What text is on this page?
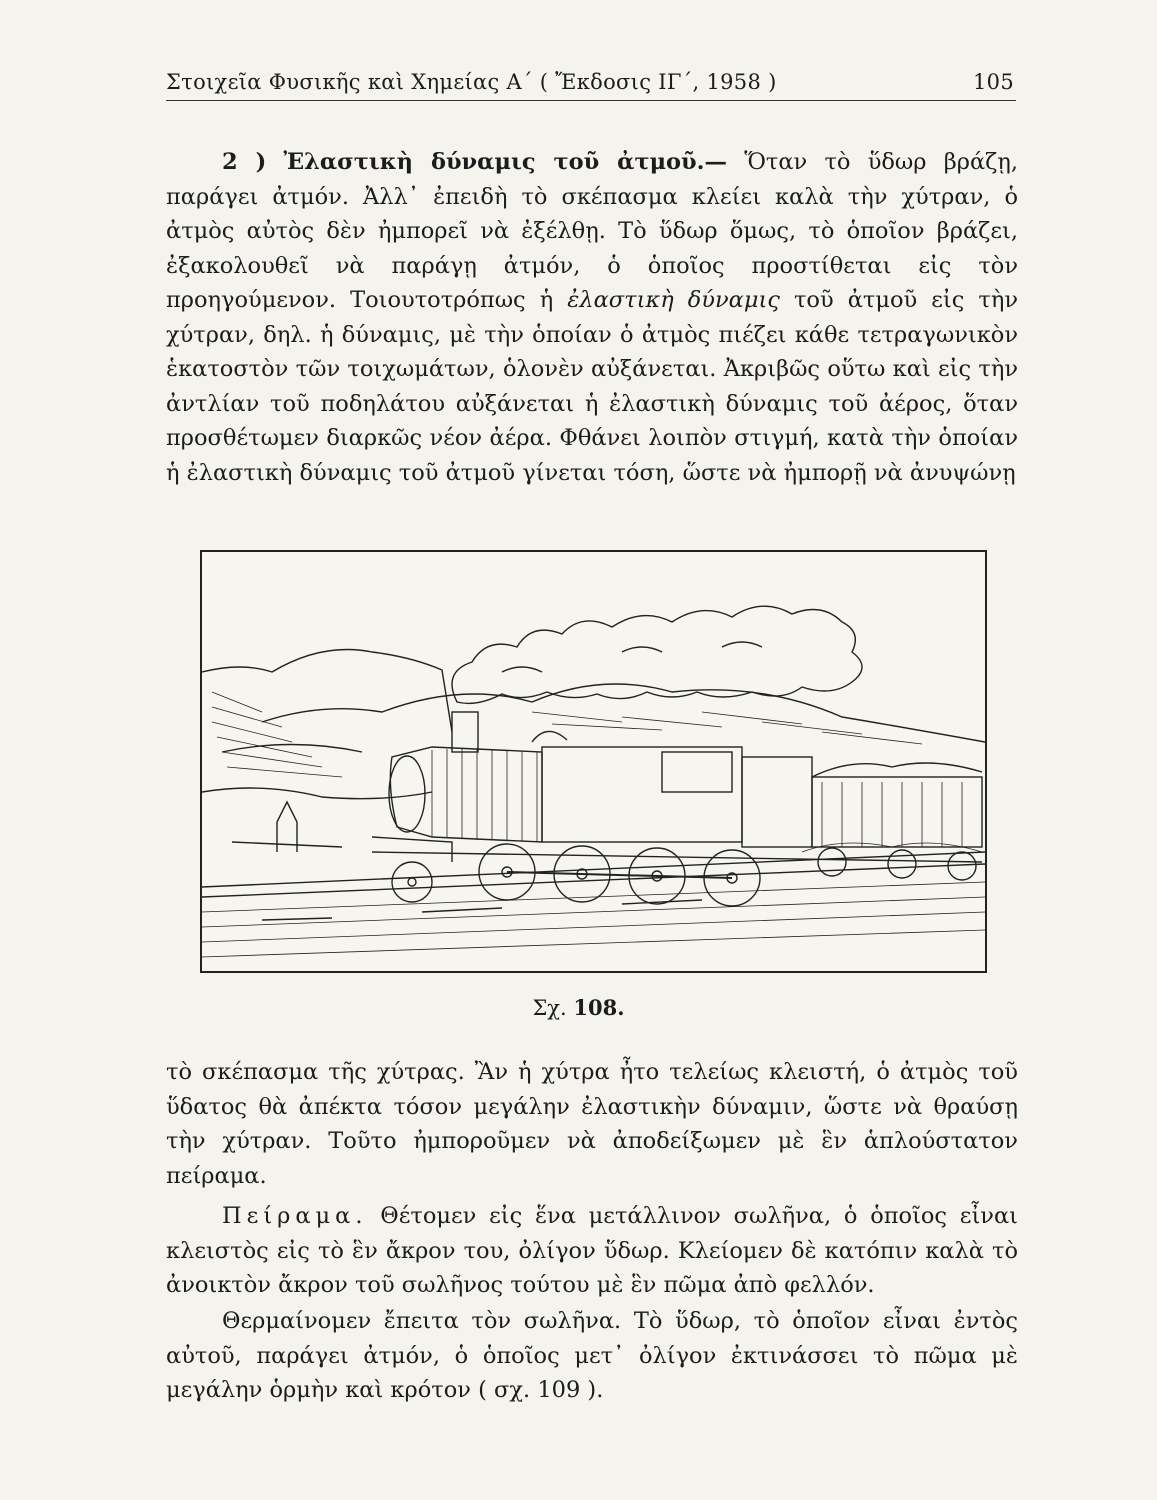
Στοιχεῖα Φυσικῆς καὶ Χημείας Α΄ ( Ἔκδοσις ΙΓ΄, 1958 )	105

2 ) Ἐλαστικὴ δύναμις τοῦ ἀτμοῦ.— Ὅταν τὸ ὕδωρ βράζῃ, παράγει ἀτμόν. Ἀλλ᾽ ἐπειδὴ τὸ σκέπασμα κλείει καλὰ τὴν χύτραν, ὁ ἀτμὸς αὐτὸς δὲν ἠμπορεῖ νὰ ἐξέλθῃ. Τὸ ὕδωρ ὅμως, τὸ ὁποῖον βράζει, ἐξακολουθεῖ νὰ παράγῃ ἀτμόν, ὁ ὁποῖος προστίθεται εἰς τὸν προηγούμενον. Τοιουτοτρόπως ἡ ἐλαστικὴ δύναμις τοῦ ἀτμοῦ εἰς τὴν χύτραν, δηλ. ἡ δύναμις, μὲ τὴν ὁποίαν ὁ ἀτμὸς πιέζει κάθε τετραγωνικὸν ἑκατοστὸν τῶν τοιχωμάτων, ὁλονὲν αὐξάνεται. Ἀκριβῶς οὕτω καὶ εἰς τὴν ἀντλίαν τοῦ ποδηλάτου αὐξάνεται ἡ ἐλαστικὴ δύναμις τοῦ ἀέρος, ὅταν προσθέτωμεν διαρκῶς νέον ἀέρα. Φθάνει λοιπὸν στιγμή, κατὰ τὴν ὁποίαν ἡ ἐλαστικὴ δύναμις τοῦ ἀτμοῦ γίνεται τόση, ὥστε νὰ ἠμπορῇ νὰ ἀνυψώνῃ

Σχ. 108.

τὸ σκέπασμα τῆς χύτρας. Ἂν ἡ χύτρα ἦτο τελείως κλειστή, ὁ ἀτμὸς τοῦ ὕδατος θὰ ἀπέκτα τόσον μεγάλην ἐλαστικὴν δύναμιν, ὥστε νὰ θραύσῃ τὴν χύτραν. Τοῦτο ἠμποροῦμεν νὰ ἀποδείξωμεν μὲ ἓν ἁπλούστατον πείραμα.

Πείραμα. Θέτομεν εἰς ἕνα μετάλλινον σωλῆνα, ὁ ὁποῖος εἶναι κλειστὸς εἰς τὸ ἓν ἄκρον του, ὀλίγον ὕδωρ. Κλείομεν δὲ κατόπιν καλὰ τὸ ἀνοικτὸν ἄκρον τοῦ σωλῆνος τούτου μὲ ἓν πῶμα ἀπὸ φελλόν.

Θερμαίνομεν ἔπειτα τὸν σωλῆνα. Τὸ ὕδωρ, τὸ ὁποῖον εἶναι ἐντὸς αὐτοῦ, παράγει ἀτμόν, ὁ ὁποῖος μετ᾽ ὀλίγον ἐκτινάσσει τὸ πῶμα μὲ μεγάλην ὁρμὴν καὶ κρότον ( σχ. 109 ).
